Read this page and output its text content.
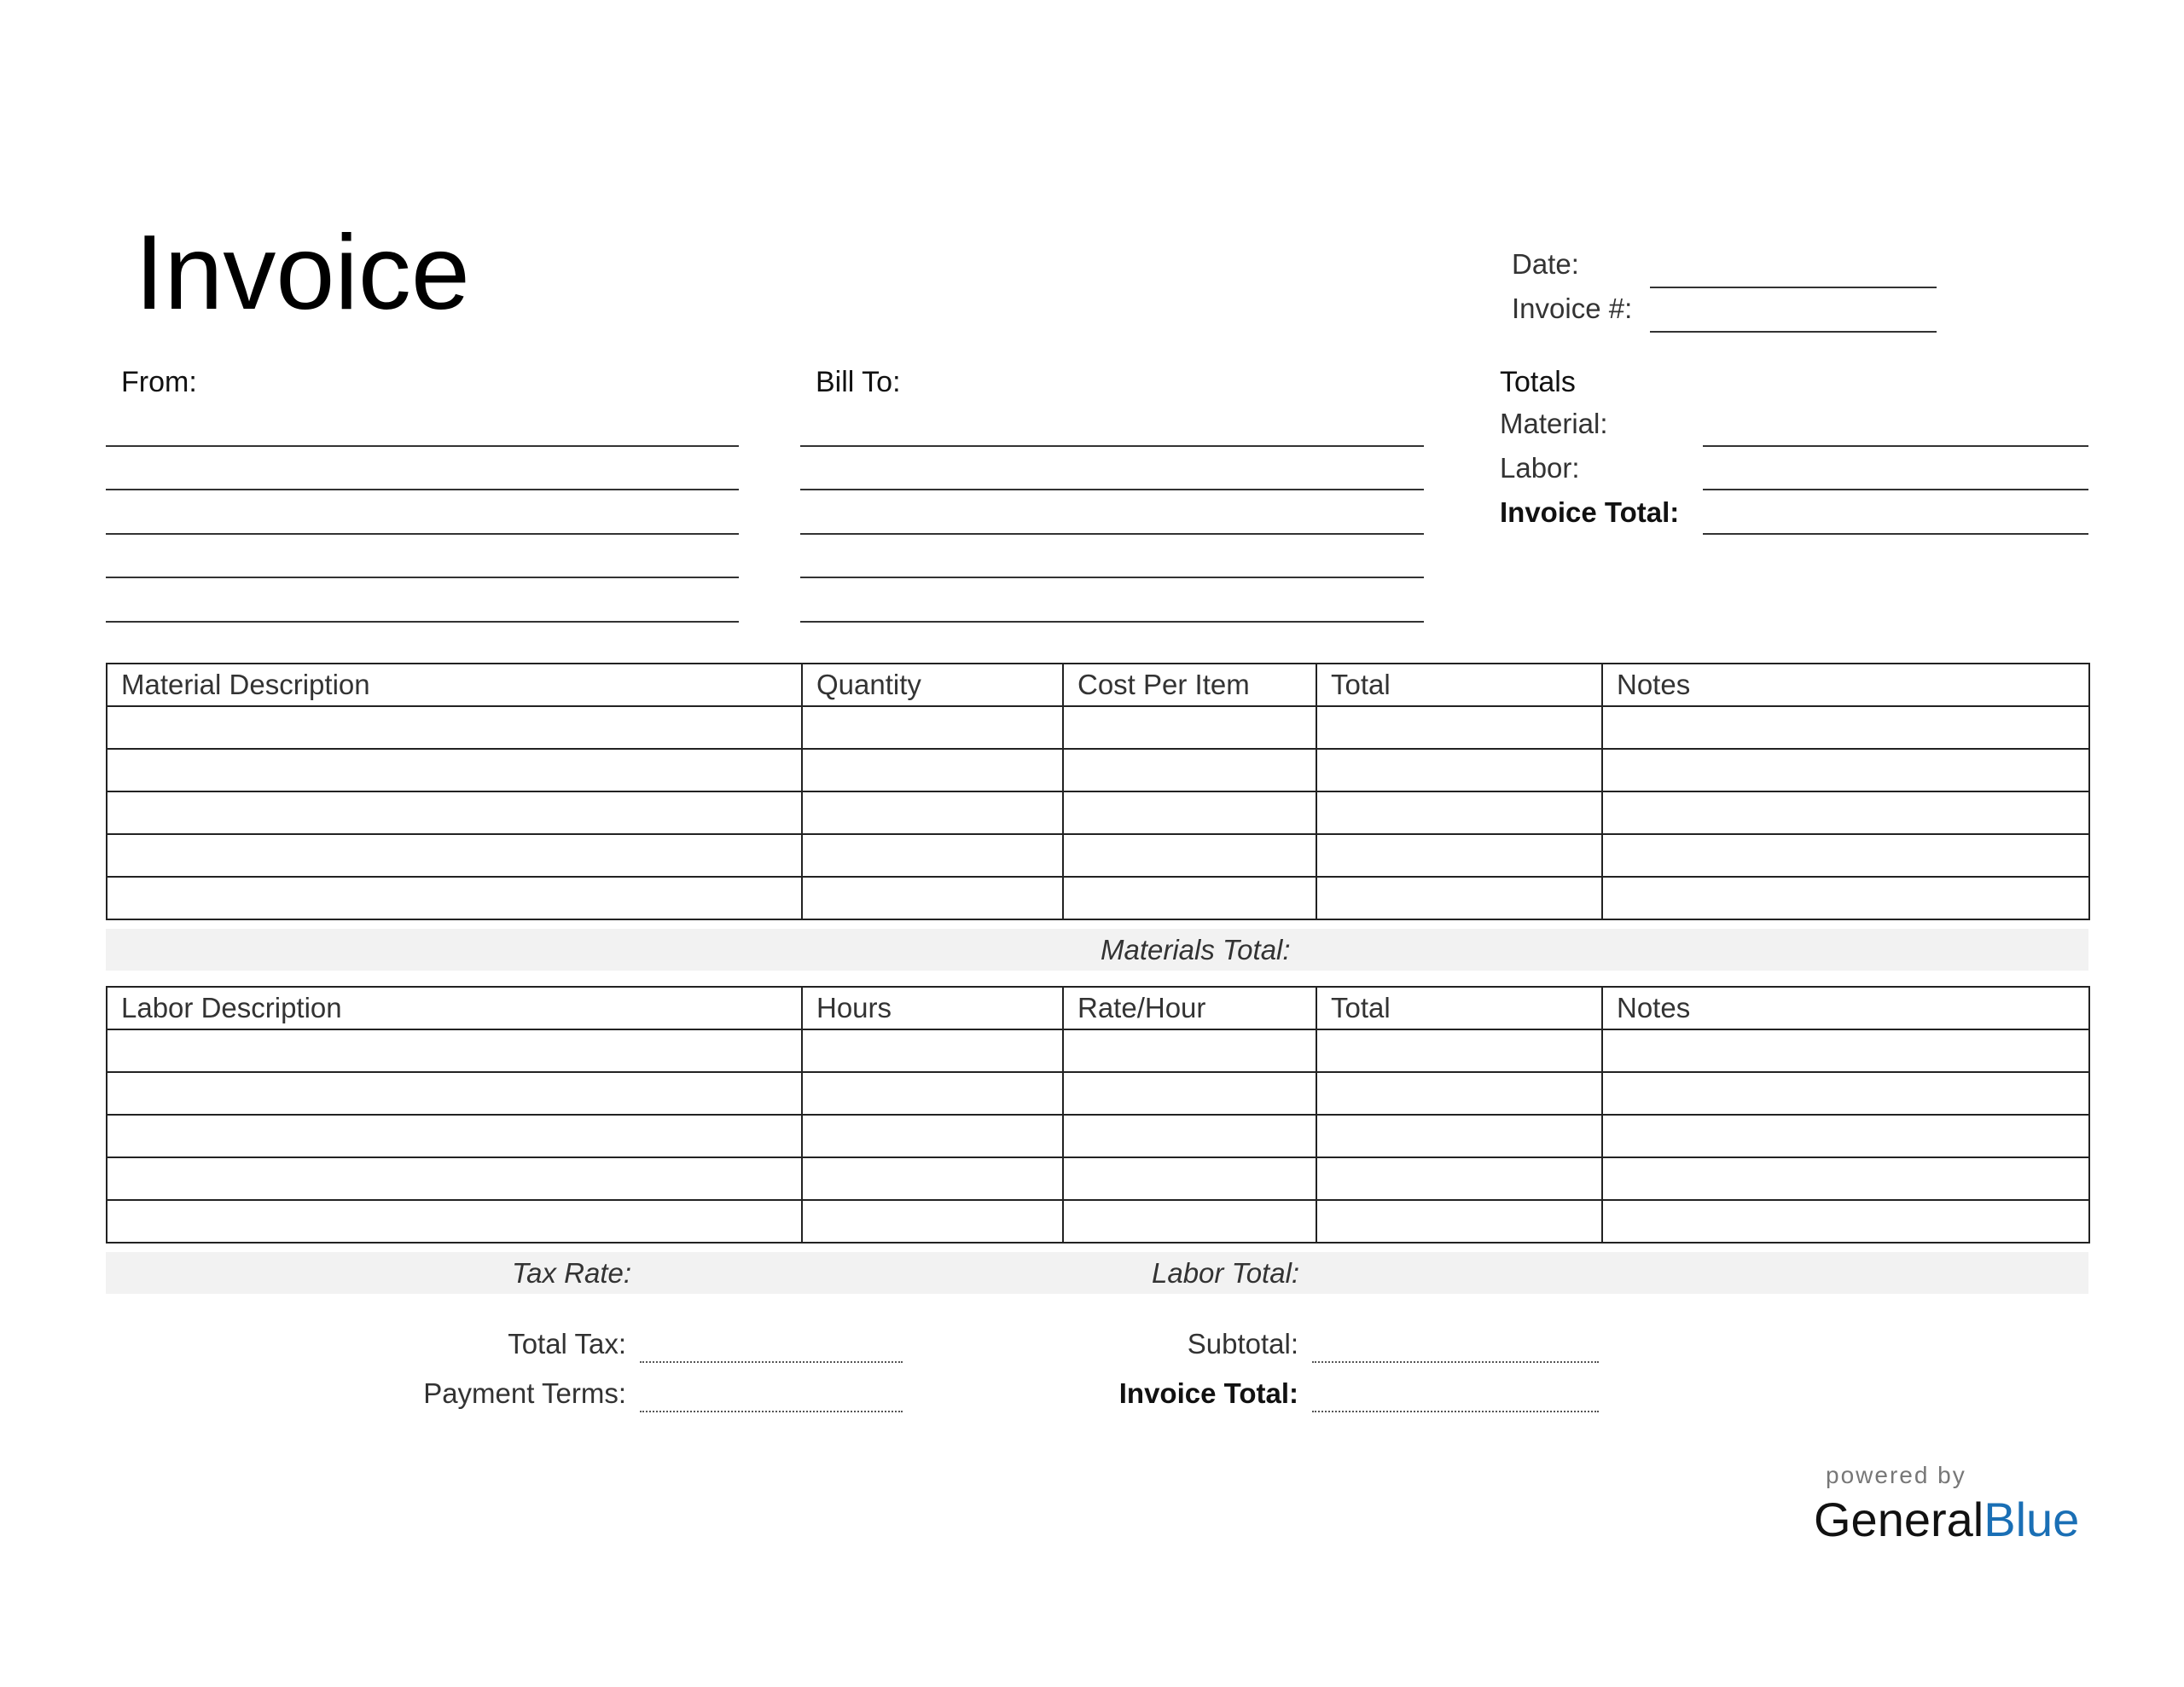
Invoice	Date:
Invoice #:
From:	Bill To:	Totals
Material:
Labor:
Invoice Total:
Material Description	Quantity	Cost Per Item	Total	Notes

Materials Total:
Labor Description	Hours	Rate/Hour	Total	Notes

Tax Rate:	Labor Total:
Total Tax:
Payment Terms:
Subtotal:
Invoice Total:
powered by
GeneralBlue
